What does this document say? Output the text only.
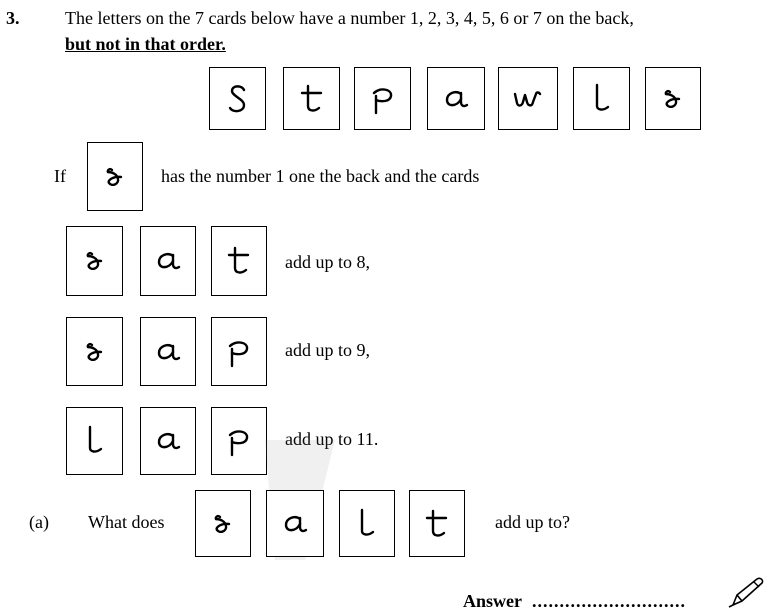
3.	The letters on the 7 cards below have a number 1, 2, 3, 4, 5, 6 or 7 on the back,
but not in that order.
If	has the number 1 one the back and the cards
add up to 8,
add up to 9,
add up to 11.
(a) What does	add up to?
Answer ............................
